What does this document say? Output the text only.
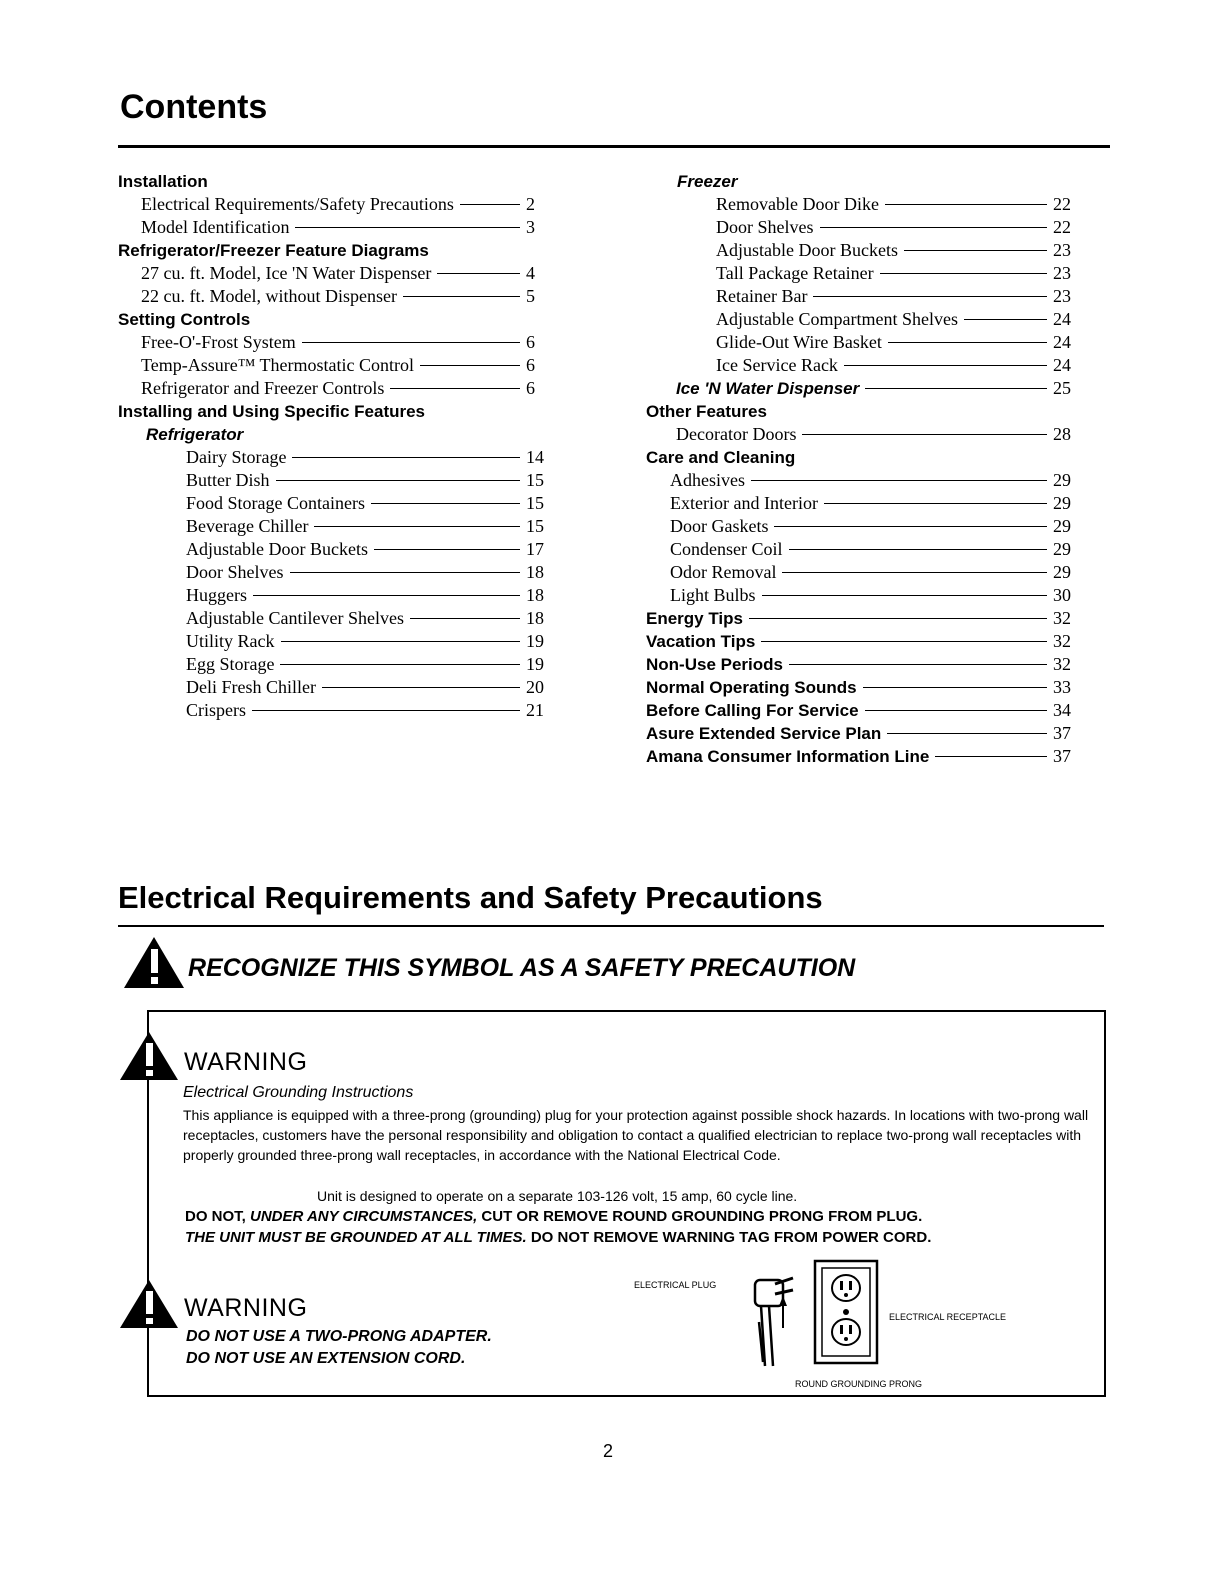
Contents
Installation
Electrical Requirements/Safety Precautions	2
Model Identification	3
Refrigerator/Freezer Feature Diagrams
27 cu. ft. Model, Ice 'N Water Dispenser	4
22 cu. ft. Model, without Dispenser	5
Setting Controls
Free-O'-Frost System	6
Temp-Assure™ Thermostatic Control	6
Refrigerator and Freezer Controls	6
Installing and Using Specific Features
Refrigerator
Dairy Storage	14
Butter Dish	15
Food Storage Containers	15
Beverage Chiller	15
Adjustable Door Buckets	17
Door Shelves	18
Huggers	18
Adjustable Cantilever Shelves	18
Utility Rack	19
Egg Storage	19
Deli Fresh Chiller	20
Crispers	21
Freezer
Removable Door Dike	22
Door Shelves	22
Adjustable Door Buckets	23
Tall Package Retainer	23
Retainer Bar	23
Adjustable Compartment Shelves	24
Glide-Out Wire Basket	24
Ice Service Rack	24
Ice 'N Water Dispenser	25
Other Features
Decorator Doors	28
Care and Cleaning
Adhesives	29
Exterior and Interior	29
Door Gaskets	29
Condenser Coil	29
Odor Removal	29
Light Bulbs	30
Energy Tips	32
Vacation Tips	32
Non-Use Periods	32
Normal Operating Sounds	33
Before Calling For Service	34
Asure Extended Service Plan	37
Amana Consumer Information Line	37
Electrical Requirements and Safety Precautions
RECOGNIZE THIS SYMBOL AS A SAFETY PRECAUTION
WARNING
Electrical Grounding Instructions
This appliance is equipped with a three-prong (grounding) plug for your protection against possible shock hazards. In locations with two-prong wall receptacles, customers have the personal responsibility and obligation to contact a qualified electrician to replace two-prong wall receptacles with properly grounded three-prong wall receptacles, in accordance with the National Electrical Code.
Unit is designed to operate on a separate 103-126 volt, 15 amp, 60 cycle line.
DO NOT, UNDER ANY CIRCUMSTANCES, CUT OR REMOVE ROUND GROUNDING PRONG FROM PLUG.
THE UNIT MUST BE GROUNDED AT ALL TIMES. DO NOT REMOVE WARNING TAG FROM POWER CORD.
WARNING
DO NOT USE A TWO-PRONG ADAPTER.
DO NOT USE AN EXTENSION CORD.
ELECTRICAL PLUG
ELECTRICAL RECEPTACLE
ROUND GROUNDING PRONG
2
